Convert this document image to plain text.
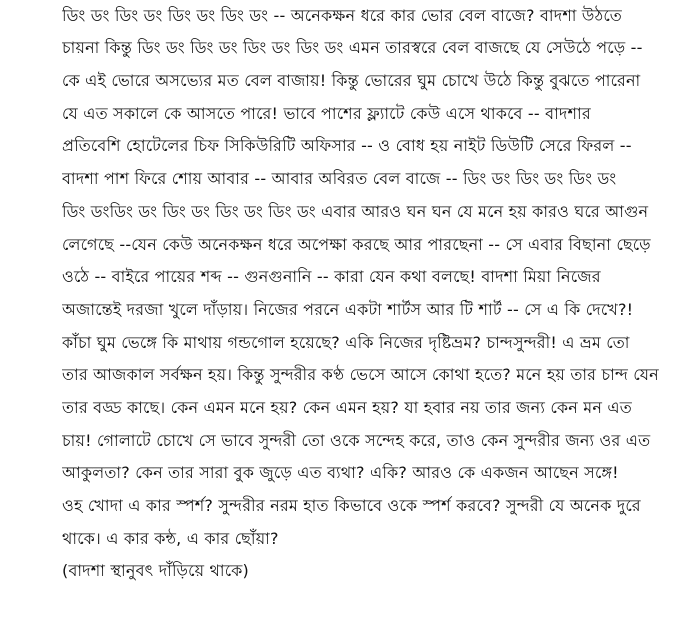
ডিং ডং ডিং ডং ডিং ডং ডিং ডং -- অনেকক্ষন ধরে কার ভোর বেল বাজে? বাদশা উঠতে
চায়না কিন্তু ডিং ডং ডিং ডং ডিং ডং ডিং ডং এমন তারস্বরে বেল বাজছে যে সেউঠে পড়ে --
কে এই ভোরে অসভ্যের মত বেল বাজায়! কিন্তু ভোরের ঘুম চোখে উঠে কিন্তু বুঝতে পারেনা
যে এত সকালে কে আসতে পারে! ভাবে পাশের ফ্ল্যাটে কেউ এসে থাকবে -- বাদশার
প্রতিবেশি হোটেলের চিফ সিকিউরিটি অফিসার -- ও বোধ হয় নাইট ডিউটি সেরে ফিরল --
বাদশা পাশ ফিরে শোয় আবার -- আবার অবিরত বেল বাজে -- ডিং ডং ডিং ডং ডিং ডং
ডিং ডংডিং ডং ডিং ডং ডিং ডং ডিং ডং এবার আরও ঘন ঘন যে মনে হয় কারও ঘরে আগুন
লেগেছে --যেন কেউ অনেকক্ষন ধরে অপেক্ষা করছে আর পারছেনা -- সে এবার বিছানা ছেড়ে
ওঠে -- বাইরে পায়ের শব্দ -- গুনগুনানি -- কারা যেন কথা বলছে! বাদশা মিয়া নিজের
অজান্তেই দরজা খুলে দাঁড়ায়। নিজের পরনে একটা শার্টস আর টি শার্ট -- সে এ কি দেখে?!
কাঁচা ঘুম ভেঙ্গে কি মাথায় গন্ডগোল হয়েছে? একি নিজের দৃষ্টিভ্রম? চান্দসুন্দরী! এ ভ্রম তো
তার আজকাল সর্বক্ষন হয়। কিন্তু সুন্দরীর কণ্ঠ ভেসে আসে কোথা হতে? মনে হয় তার চান্দ যেন
তার বড্ড কাছে। কেন এমন মনে হয়? কেন এমন হয়? যা হবার নয় তার জন্য কেন মন এত
চায়! গোলাটে চোখে সে ভাবে সুন্দরী তো ওকে সন্দেহ করে, তাও কেন সুন্দরীর জন্য ওর এত
আকুলতা? কেন তার সারা বুক জুড়ে এত ব্যথা? একি? আরও কে একজন আছেন সঙ্গে!
ওহ খোদা এ কার স্পর্শ? সুন্দরীর নরম হাত কিভাবে ওকে স্পর্শ করবে? সুন্দরী যে অনেক দুরে
থাকে। এ কার কন্ঠ, এ কার ছোঁয়া?
(বাদশা স্থানুবৎ দাঁড়িয়ে থাকে)
